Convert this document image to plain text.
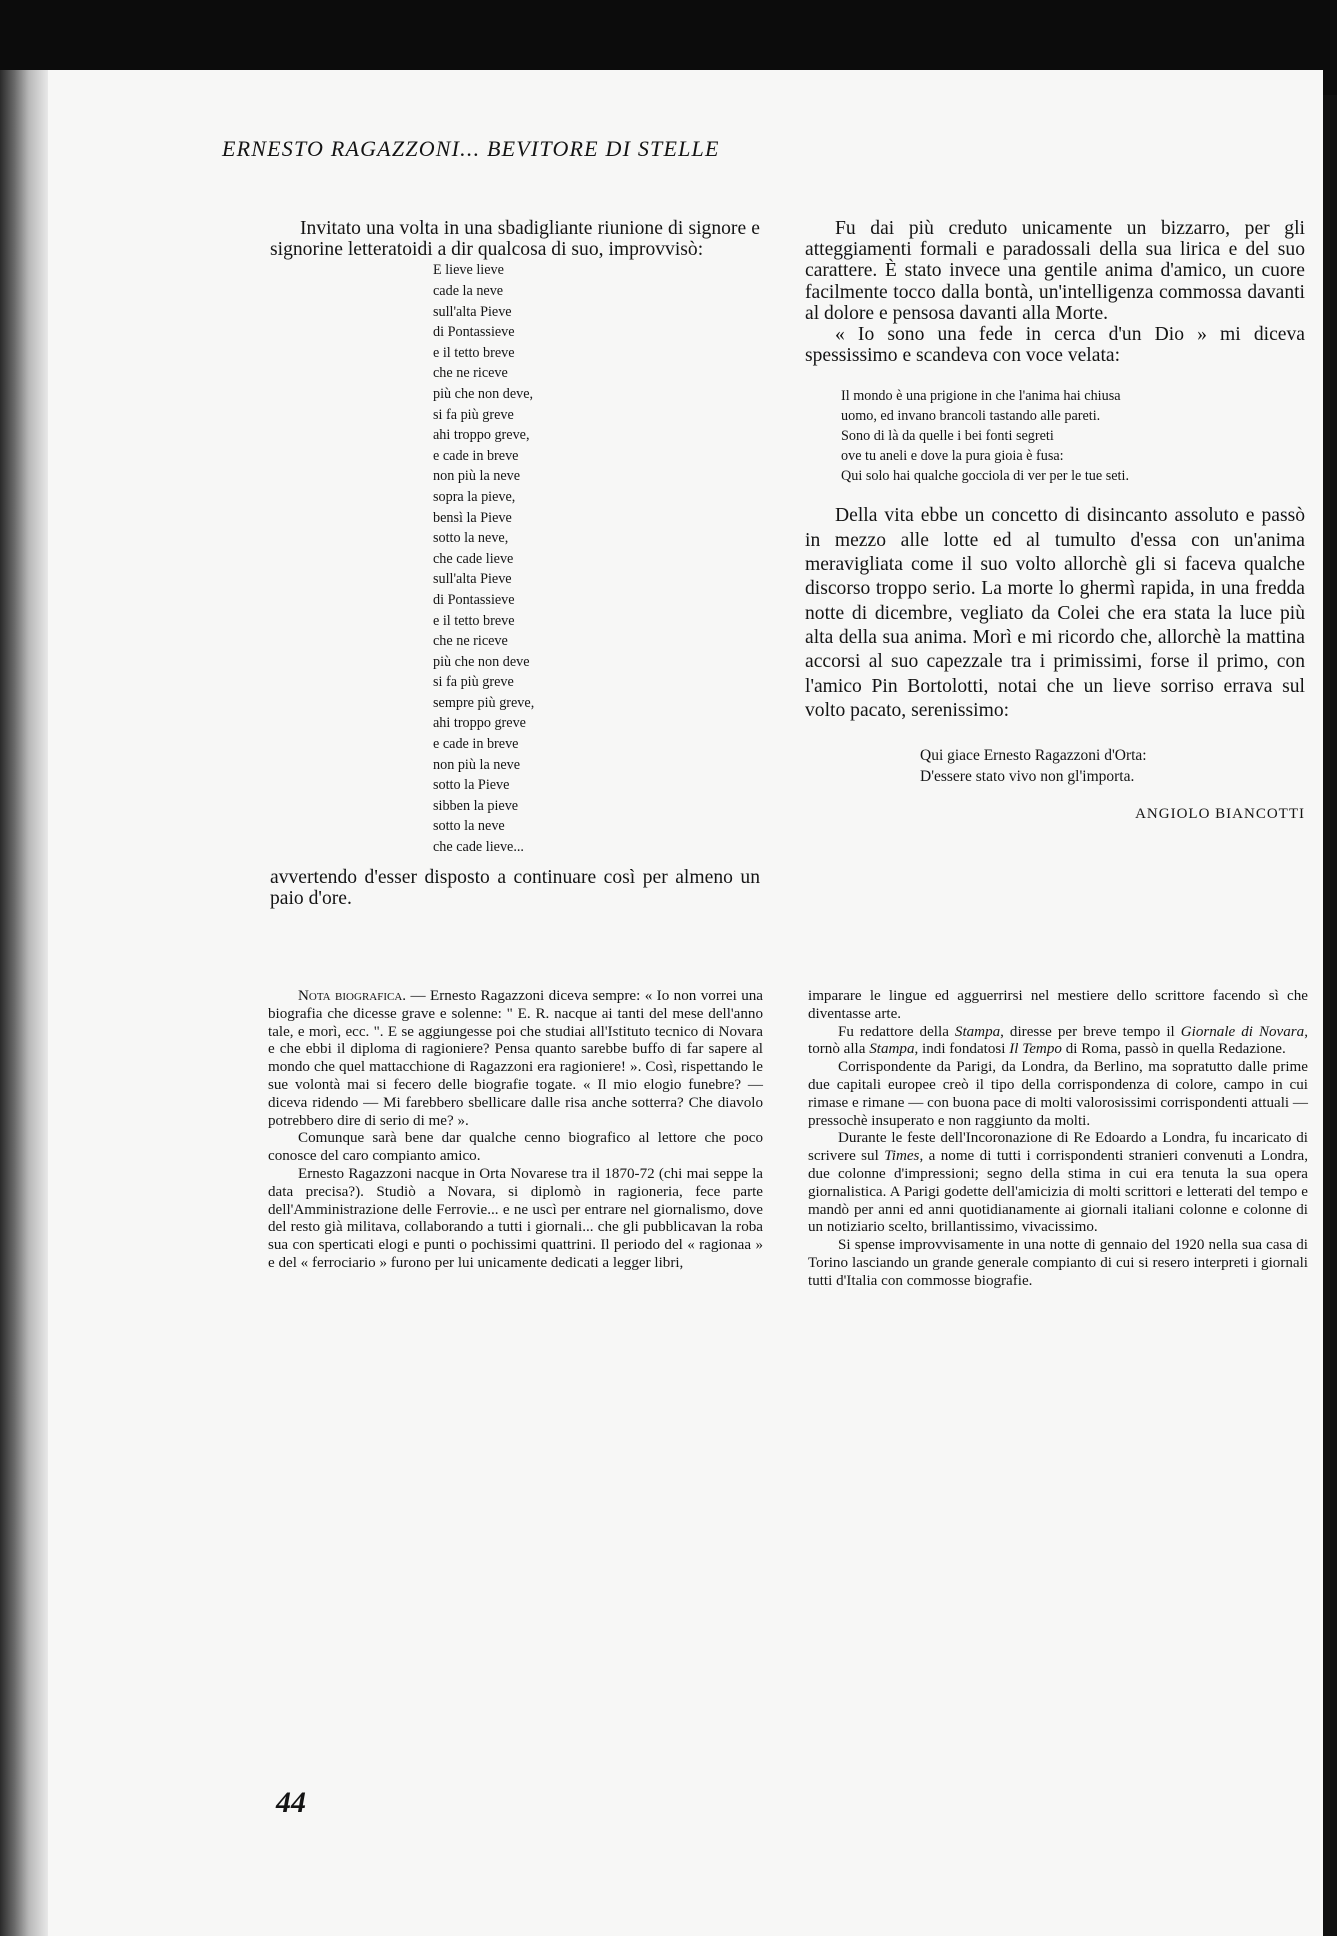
ERNESTO RAGAZZONI... BEVITORE DI STELLE

Invitato una volta in una sbadigliante riunione di signore e signorine letteratoidi a dir qualcosa di suo, improvvisò:

E lieve lieve
cade la neve
sull'alta Pieve
di Pontassieve
e il tetto breve
che ne riceve
più che non deve,
si fa più greve
ahi troppo greve,
e cade in breve
non più la neve
sopra la pieve,
bensì la Pieve
sotto la neve,
che cade lieve
sull'alta Pieve
di Pontassieve
e il tetto breve
che ne riceve
più che non deve
si fa più greve
sempre più greve,
ahi troppo greve
e cade in breve
non più la neve
sotto la Pieve
sibben la pieve
sotto la neve
che cade lieve...

avvertendo d'esser disposto a continuare così per almeno un paio d'ore.

Fu dai più creduto unicamente un bizzarro, per gli atteggiamenti formali e paradossali della sua lirica e del suo carattere. È stato invece una gentile anima d'amico, un cuore facilmente tocco dalla bontà, un'intelligenza commossa davanti al dolore e pensosa davanti alla Morte.

« Io sono una fede in cerca d'un Dio » mi diceva spessissimo e scandeva con voce velata:

Il mondo è una prigione in che l'anima hai chiusa
uomo, ed invano brancoli tastando alle pareti.
Sono di là da quelle i bei fonti segreti
ove tu aneli e dove la pura gioia è fusa:
Qui solo hai qualche gocciola di ver per le tue seti.

Della vita ebbe un concetto di disincanto assoluto e passò in mezzo alle lotte ed al tumulto d'essa con un'anima meravigliata come il suo volto allorchè gli si faceva qualche discorso troppo serio. La morte lo ghermì rapida, in una fredda notte di dicembre, vegliato da Colei che era stata la luce più alta della sua anima. Morì e mi ricordo che, allorchè la mattina accorsi al suo capezzale tra i primissimi, forse il primo, con l'amico Pin Bortolotti, notai che un lieve sorriso errava sul volto pacato, serenissimo:

Qui giace Ernesto Ragazzoni d'Orta:
D'essere stato vivo non gl'importa.
ANGIOLO BIANCOTTI

Nota biografica. — Ernesto Ragazzoni diceva sempre: « Io non vorrei una biografia che dicesse grave e solenne: " E. R. nacque ai tanti del mese dell'anno tale, e morì, ecc. ". E se aggiungesse poi che studiai all'Istituto tecnico di Novara e che ebbi il diploma di ragioniere? Pensa quanto sarebbe buffo di far sapere al mondo che quel mattacchione di Ragazzoni era ragioniere! ». Così, rispettando le sue volontà mai si fecero delle biografie togate. « Il mio elogio funebre? — diceva ridendo — Mi farebbero sbellicare dalle risa anche sotterra? Che diavolo potrebbero dire di serio di me? ».

Comunque sarà bene dar qualche cenno biografico al lettore che poco conosce del caro compianto amico.

Ernesto Ragazzoni nacque in Orta Novarese tra il 1870-72 (chi mai seppe la data precisa?). Studiò a Novara, si diplomò in ragioneria, fece parte dell'Amministrazione delle Ferrovie... e ne uscì per entrare nel giornalismo, dove del resto già militava, collaborando a tutti i giornali... che gli pubblicavan la roba sua con sperticati elogi e punti o pochissimi quattrini. Il periodo del « ragionaa » e del « ferrociario » furono per lui unicamente dedicati a legger libri,

imparare le lingue ed agguerrirsi nel mestiere dello scrittore facendo sì che diventasse arte.

Fu redattore della Stampa, diresse per breve tempo il Giornale di Novara, tornò alla Stampa, indi fondatosi Il Tempo di Roma, passò in quella Redazione.

Corrispondente da Parigi, da Londra, da Berlino, ma sopratutto dalle prime due capitali europee creò il tipo della corrispondenza di colore, campo in cui rimase e rimane — con buona pace di molti valorosissimi corrispondenti attuali — pressochè insuperato e non raggiunto da molti.

Durante le feste dell'Incoronazione di Re Edoardo a Londra, fu incaricato di scrivere sul Times, a nome di tutti i corrispondenti stranieri convenuti a Londra, due colonne d'impressioni; segno della stima in cui era tenuta la sua opera giornalistica. A Parigi godette dell'amicizia di molti scrittori e letterati del tempo e mandò per anni ed anni quotidianamente ai giornali italiani colonne e colonne di un notiziario scelto, brillantissimo, vivacissimo.

Si spense improvvisamente in una notte di gennaio del 1920 nella sua casa di Torino lasciando un grande generale compianto di cui si resero interpreti i giornali tutti d'Italia con commosse biografie.

44
